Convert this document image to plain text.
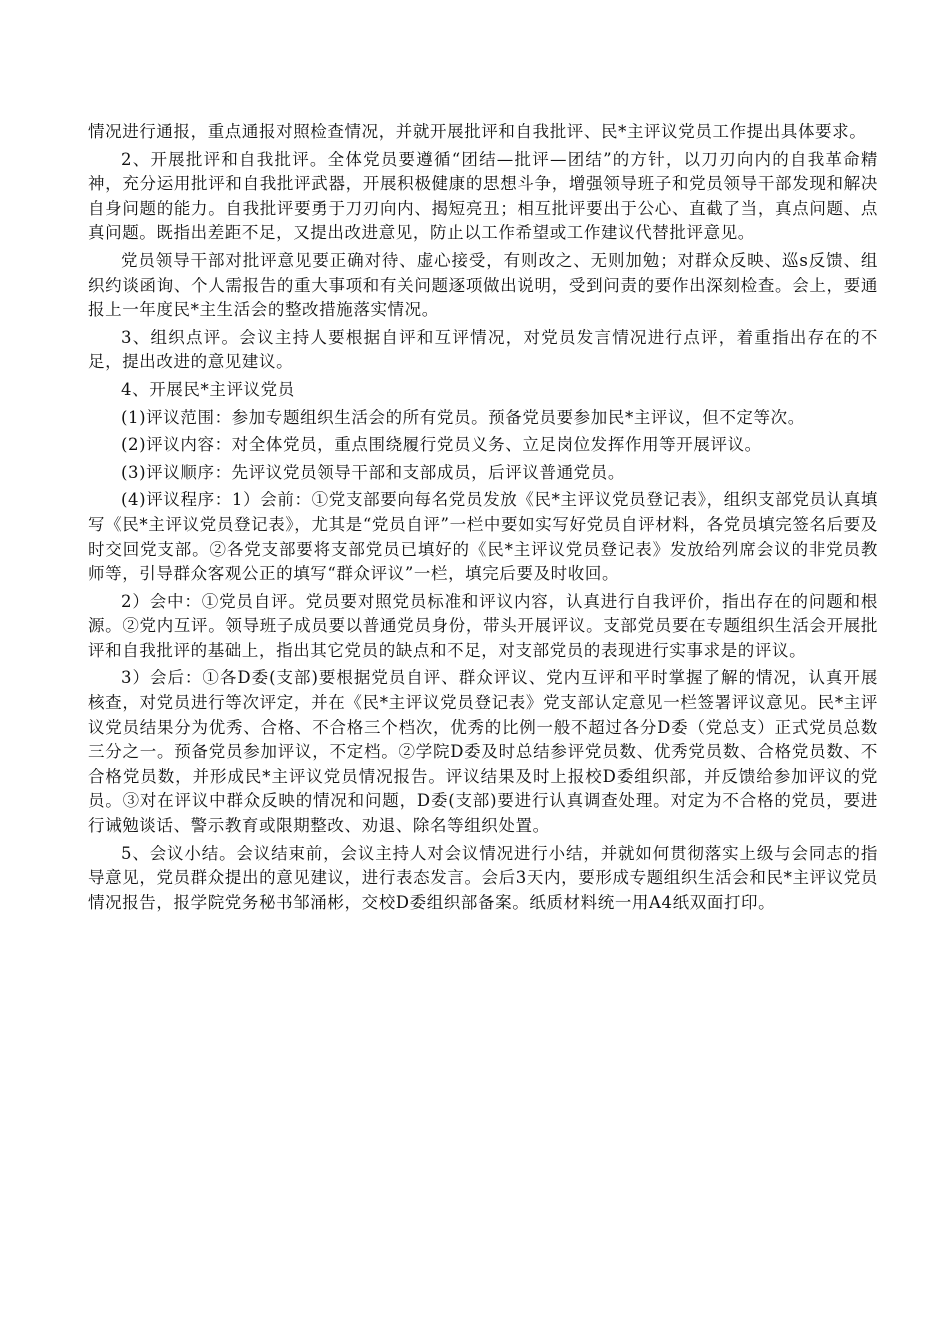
情况进行通报，重点通报对照检查情况，并就开展批评和自我批评、民*主评议党员工作提出具体要求。

2、开展批评和自我批评。全体党员要遵循“团结—批评—团结”的方针，以刀刃向内的自我革命精神，充分运用批评和自我批评武器，开展积极健康的思想斗争，增强领导班子和党员领导干部发现和解决自身问题的能力。自我批评要勇于刀刃向内、揭短亮丑；相互批评要出于公心、直截了当，真点问题、点真问题。既指出差距不足，又提出改进意见，防止以工作希望或工作建议代替批评意见。

党员领导干部对批评意见要正确对待、虚心接受，有则改之、无则加勉；对群众反映、巡s反馈、组织约谈函询、个人需报告的重大事项和有关问题逐项做出说明，受到问责的要作出深刻检查。会上，要通报上一年度民*主生活会的整改措施落实情况。

3、组织点评。会议主持人要根据自评和互评情况，对党员发言情况进行点评，着重指出存在的不足，提出改进的意见建议。

4、开展民*主评议党员

(1)评议范围：参加专题组织生活会的所有党员。预备党员要参加民*主评议，但不定等次。

(2)评议内容：对全体党员，重点围绕履行党员义务、立足岗位发挥作用等开展评议。

(3)评议顺序：先评议党员领导干部和支部成员，后评议普通党员。

(4)评议程序：1）会前：①党支部要向每名党员发放《民*主评议党员登记表》，组织支部党员认真填写《民*主评议党员登记表》，尤其是“党员自评”一栏中要如实写好党员自评材料，各党员填完签名后要及时交回党支部。②各党支部要将支部党员已填好的《民*主评议党员登记表》发放给列席会议的非党员教师等，引导群众客观公正的填写“群众评议”一栏，填完后要及时收回。

2）会中：①党员自评。党员要对照党员标准和评议内容，认真进行自我评价，指出存在的问题和根源。②党内互评。领导班子成员要以普通党员身份，带头开展评议。支部党员要在专题组织生活会开展批评和自我批评的基础上，指出其它党员的缺点和不足，对支部党员的表现进行实事求是的评议。

3）会后：①各D委(支部)要根据党员自评、群众评议、党内互评和平时掌握了解的情况，认真开展核查，对党员进行等次评定，并在《民*主评议党员登记表》党支部认定意见一栏签署评议意见。民*主评议党员结果分为优秀、合格、不合格三个档次，优秀的比例一般不超过各分D委（党总支）正式党员总数三分之一。预备党员参加评议，不定档。②学院D委及时总结参评党员数、优秀党员数、合格党员数、不合格党员数，并形成民*主评议党员情况报告。评议结果及时上报校D委组织部，并反馈给参加评议的党员。③对在评议中群众反映的情况和问题，D委(支部)要进行认真调查处理。对定为不合格的党员，要进行诫勉谈话、警示教育或限期整改、劝退、除名等组织处置。

5、会议小结。会议结束前，会议主持人对会议情况进行小结，并就如何贯彻落实上级与会同志的指导意见，党员群众提出的意见建议，进行表态发言。会后3天内，要形成专题组织生活会和民*主评议党员情况报告，报学院党务秘书邹涌彬，交校D委组织部备案。纸质材料统一用A4纸双面打印。
